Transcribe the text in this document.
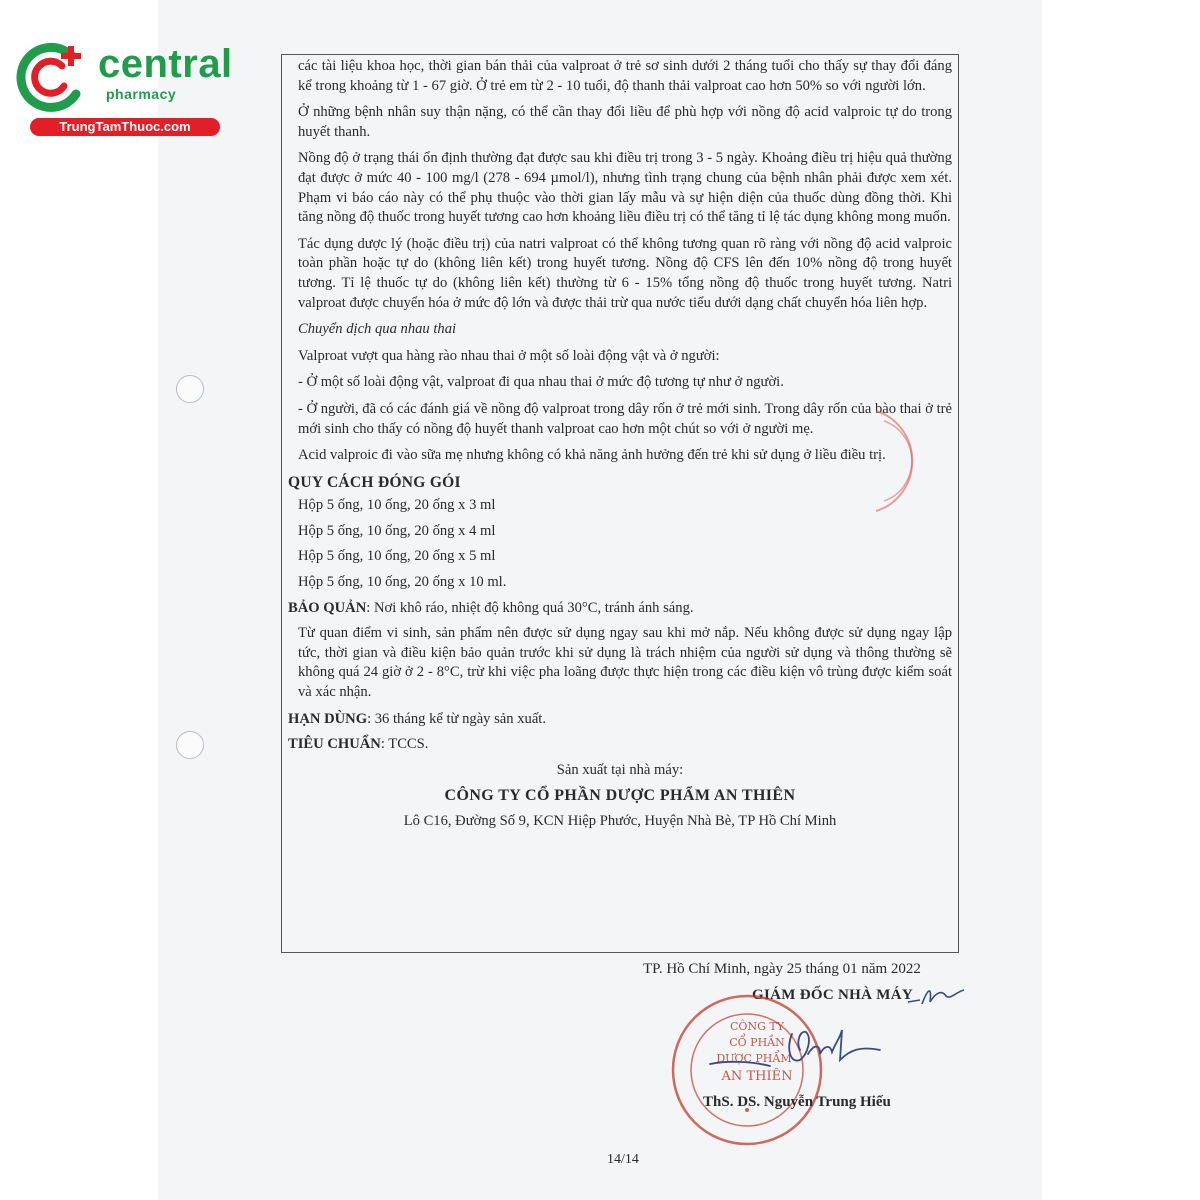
central
pharmacy
TrungTamThuoc.com

các tài liệu khoa học, thời gian bán thải của valproat ở trẻ sơ sinh dưới 2 tháng tuổi cho thấy sự thay đổi đáng kể trong khoảng từ 1 - 67 giờ. Ở trẻ em từ 2 - 10 tuổi, độ thanh thải valproat cao hơn 50% so với người lớn.

Ở những bệnh nhân suy thận nặng, có thể cần thay đổi liều để phù hợp với nồng độ acid valproic tự do trong huyết thanh.

Nồng độ ở trạng thái ổn định thường đạt được sau khi điều trị trong 3 - 5 ngày. Khoảng điều trị hiệu quả thường đạt được ở mức 40 - 100 mg/l (278 - 694 µmol/l), nhưng tình trạng chung của bệnh nhân phải được xem xét. Phạm vi báo cáo này có thể phụ thuộc vào thời gian lấy mẫu và sự hiện diện của thuốc dùng đồng thời. Khi tăng nồng độ thuốc trong huyết tương cao hơn khoảng liều điều trị có thể tăng tỉ lệ tác dụng không mong muốn.

Tác dụng dược lý (hoặc điều trị) của natri valproat có thể không tương quan rõ ràng với nồng độ acid valproic toàn phần hoặc tự do (không liên kết) trong huyết tương. Nồng độ CFS lên đến 10% nồng độ trong huyết tương. Tỉ lệ thuốc tự do (không liên kết) thường từ 6 - 15% tổng nồng độ thuốc trong huyết tương. Natri valproat được chuyển hóa ở mức độ lớn và được thải trừ qua nước tiểu dưới dạng chất chuyển hóa liên hợp.

Chuyển dịch qua nhau thai

Valproat vượt qua hàng rào nhau thai ở một số loài động vật và ở người:

- Ở một số loài động vật, valproat đi qua nhau thai ở mức độ tương tự như ở người.

- Ở người, đã có các đánh giá về nồng độ valproat trong dây rốn ở trẻ mới sinh. Trong dây rốn của bào thai ở trẻ mới sinh cho thấy có nồng độ huyết thanh valproat cao hơn một chút so với ở người mẹ.

Acid valproic đi vào sữa mẹ nhưng không có khả năng ảnh hưởng đến trẻ khi sử dụng ở liều điều trị.

QUY CÁCH ĐÓNG GÓI
Hộp 5 ống, 10 ống, 20 ống x 3 ml
Hộp 5 ống, 10 ống, 20 ống x 4 ml
Hộp 5 ống, 10 ống, 20 ống x 5 ml
Hộp 5 ống, 10 ống, 20 ống x 10 ml.
BẢO QUẢN: Nơi khô ráo, nhiệt độ không quá 30°C, tránh ánh sáng.

Từ quan điểm vi sinh, sản phẩm nên được sử dụng ngay sau khi mở nắp. Nếu không được sử dụng ngay lập tức, thời gian và điều kiện bảo quản trước khi sử dụng là trách nhiệm của người sử dụng và thông thường sẽ không quá 24 giờ ở 2 - 8°C, trừ khi việc pha loãng được thực hiện trong các điều kiện vô trùng được kiểm soát và xác nhận.

HẠN DÙNG: 36 tháng kể từ ngày sản xuất.
TIÊU CHUẨN: TCCS.
Sản xuất tại nhà máy:
CÔNG TY CỔ PHẦN DƯỢC PHẨM AN THIÊN
Lô C16, Đường Số 9, KCN Hiệp Phước, Huyện Nhà Bè, TP Hồ Chí Minh
TP. Hồ Chí Minh, ngày 25 tháng 01 năm 2022
GIÁM ĐỐC NHÀ MÁY
CÔNG TY
CỔ PHẦN
DƯỢC PHẨM
AN THIÊN
ThS. DS. Nguyễn Trung Hiếu
14/14
